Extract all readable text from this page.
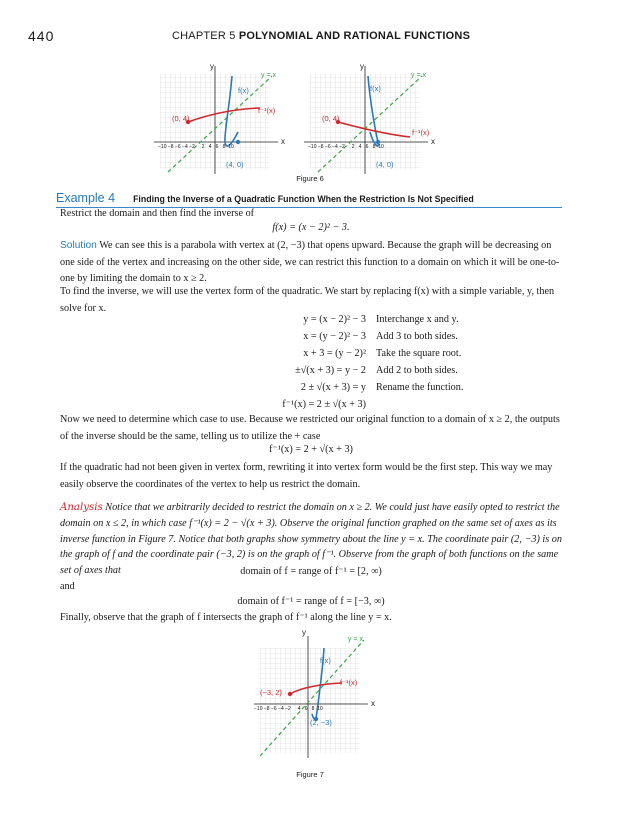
440	CHAPTER 5 POLYNOMIAL AND RATIONAL FUNCTIONS
y
x
y = x
f(x)
f⁻¹(x)
(0, 4)
(4, 0)
−10 −8 −6 −4 −2     2   4   6   8  10
y
x
y = x
f(x)
f⁻¹(x)
(0, 4)
(4, 0)
−10 −8 −6 −4 −2     2   4   6   8  10
Figure 6
Example 4 Finding the Inverse of a Quadratic Function When the Restriction Is Not Specified
Restrict the domain and then find the inverse of
f(x) = (x − 2)² − 3.
Solution We can see this is a parabola with vertex at (2, −3) that opens upward. Because the graph will be decreasing on one side of the vertex and increasing on the other side, we can restrict this function to a domain on which it will be one-to-one by limiting the domain to x ≥ 2.
To find the inverse, we will use the vertex form of the quadratic. We start by replacing f(x) with a simple variable, y, then solve for x.
y = (x − 2)² − 3 Interchange x and y.
x = (y − 2)² − 3 Add 3 to both sides.
x + 3 = (y − 2)² Take the square root.
±√(x + 3) = y − 2 Add 2 to both sides.
2 ± √(x + 3) = y Rename the function.
f⁻¹(x) = 2 ± √(x + 3)
Now we need to determine which case to use. Because we restricted our original function to a domain of x ≥ 2, the outputs of the inverse should be the same, telling us to utilize the + case
f⁻¹(x) = 2 + √(x + 3)
If the quadratic had not been given in vertex form, rewriting it into vertex form would be the first step. This way we may easily observe the coordinates of the vertex to help us restrict the domain.
Analysis Notice that we arbitrarily decided to restrict the domain on x ≥ 2. We could just have easily opted to restrict the domain on x ≤ 2, in which case f⁻¹(x) = 2 − √(x + 3). Observe the original function graphed on the same set of axes as its inverse function in Figure 7. Notice that both graphs show symmetry about the line y = x. The coordinate pair (2, −3) is on the graph of f and the coordinate pair (−3, 2) is on the graph of f⁻¹. Observe from the graph of both functions on the same set of axes that	domain of f = range of f⁻¹ = [2, ∞)
and
domain of f⁻¹ = range of f = [−3, ∞)
Finally, observe that the graph of f intersects the graph of f⁻¹ along the line y = x.
y
x
y = x
f(x)
f⁻¹(x)
(−3, 2)
(2, −3)
−10 −8 −6 −4 −2     4   6   8  10
Figure 7
